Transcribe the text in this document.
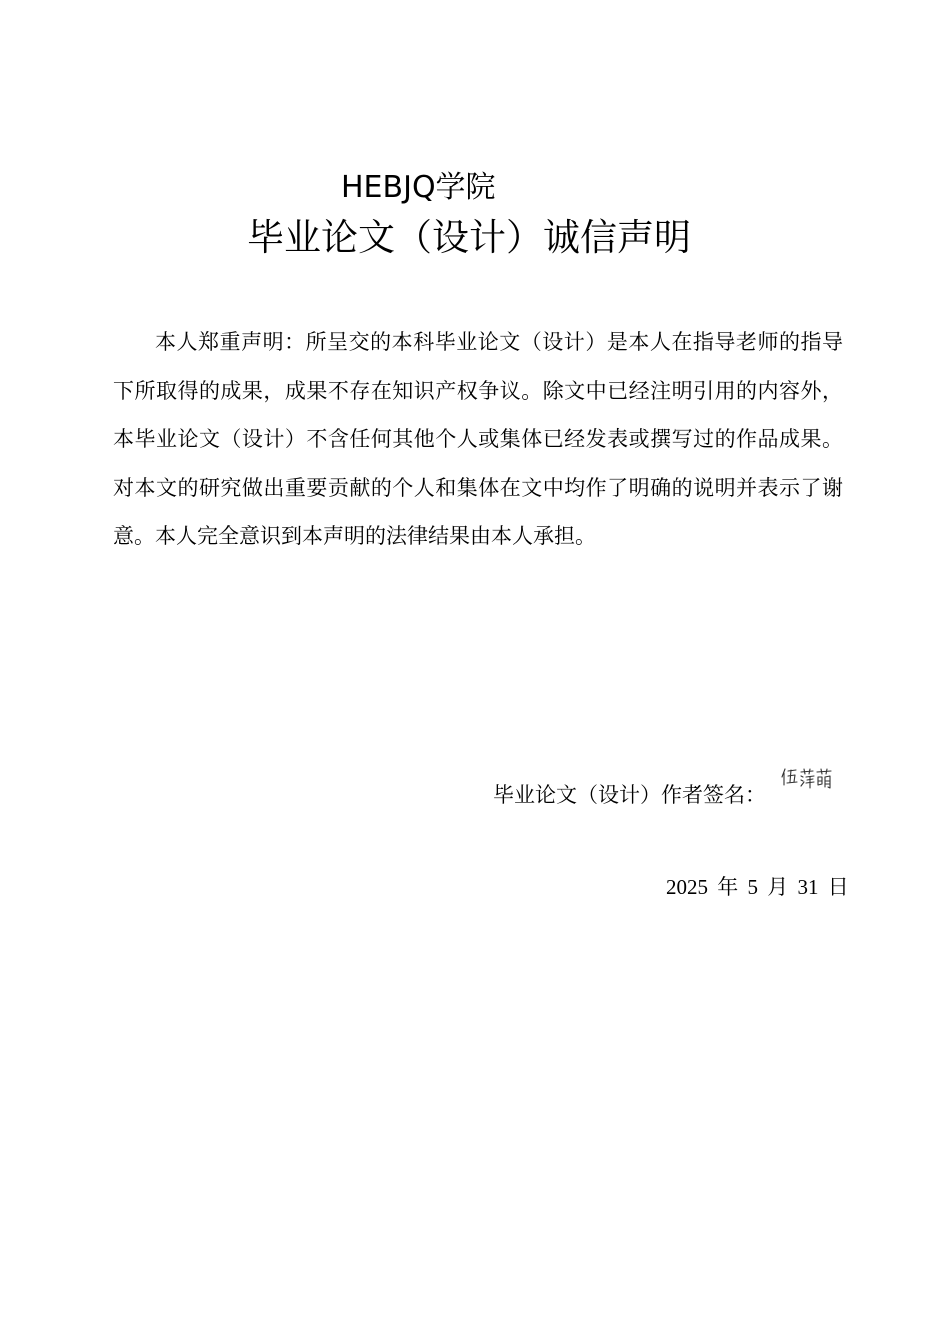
HEBJQ学院
毕业论文（设计）诚信声明

本人郑重声明：所呈交的本科毕业论文（设计）是本人在指导老师的指导下所取得的成果，成果不存在知识产权争议。除文中已经注明引用的内容外，本毕业论文（设计）不含任何其他个人或集体已经发表或撰写过的作品成果。对本文的研究做出重要贡献的个人和集体在文中均作了明确的说明并表示了谢意。本人完全意识到本声明的法律结果由本人承担。

毕业论文（设计）作者签名：
2025 年 5 月 31 日
